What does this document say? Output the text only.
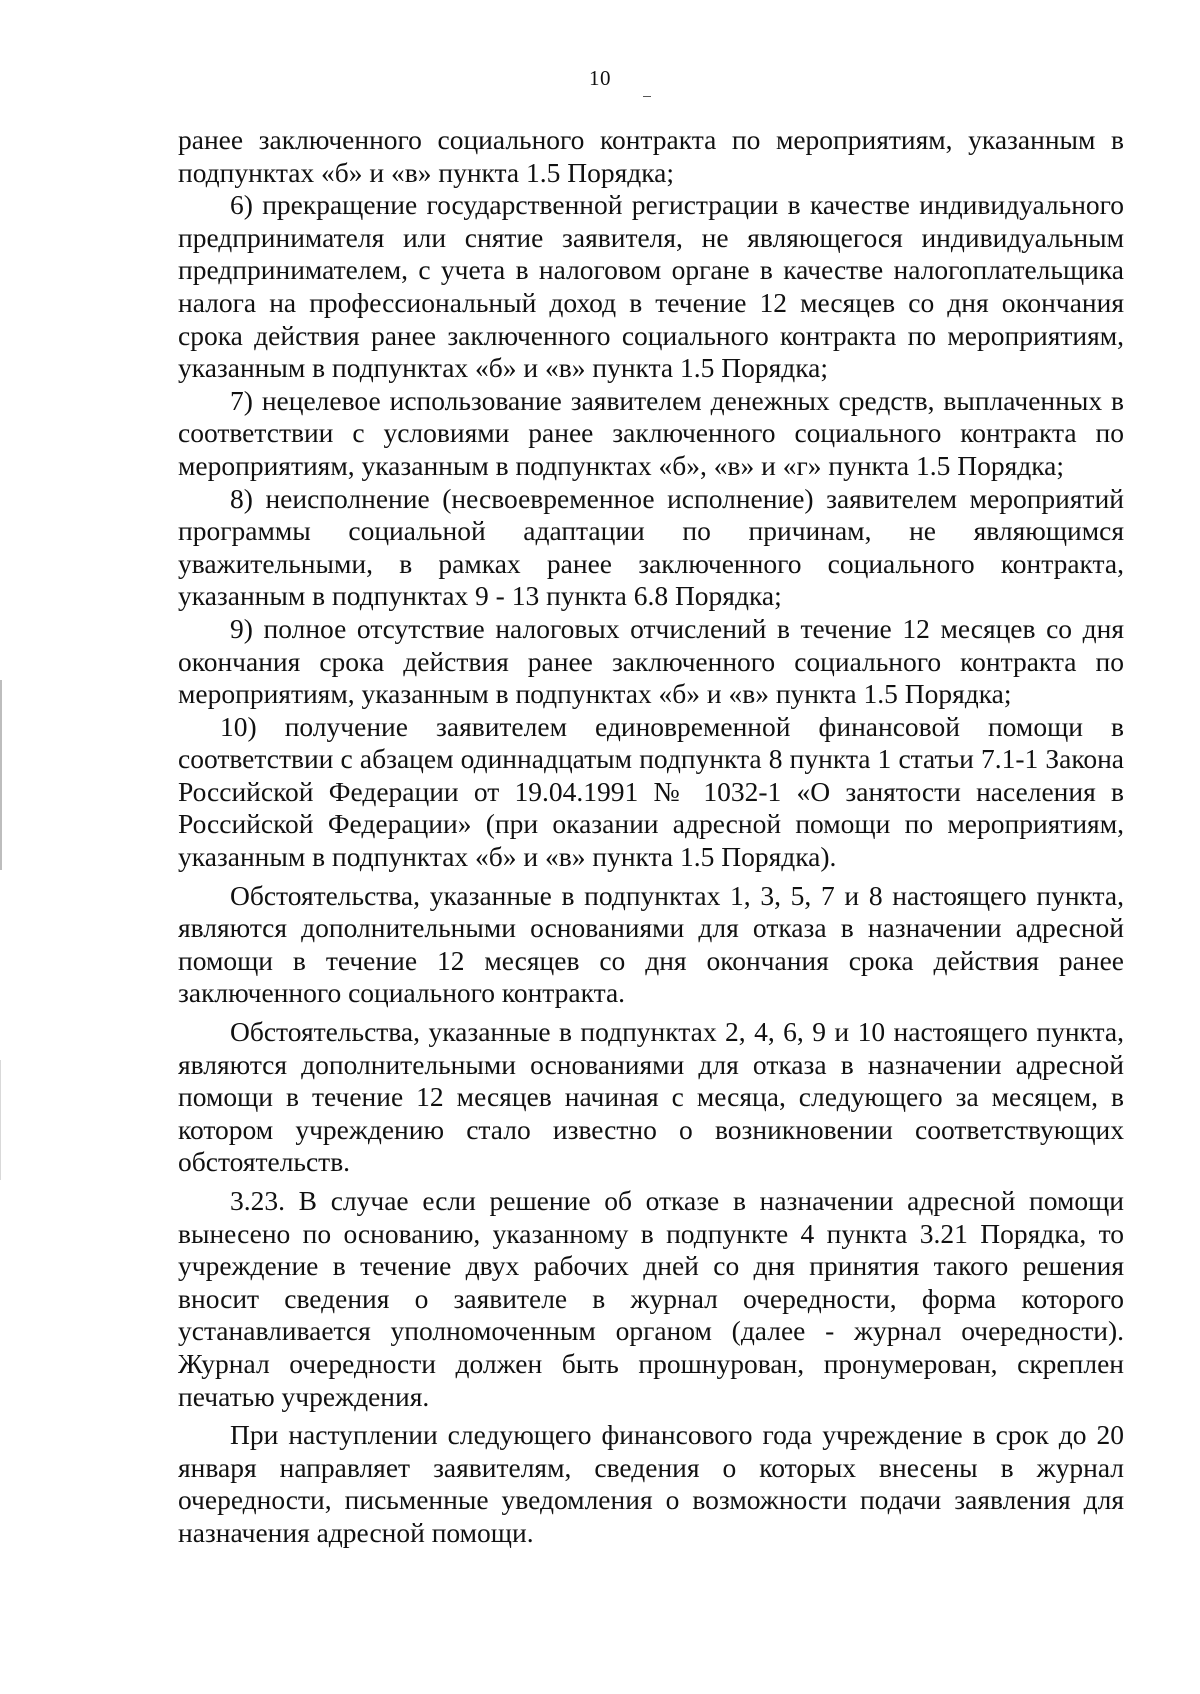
10

ранее заключенного социального контракта по мероприятиям, указанным в подпунктах «б» и «в» пункта 1.5 Порядка;

6) прекращение государственной регистрации в качестве индивидуального предпринимателя или снятие заявителя, не являющегося индивидуальным предпринимателем, с учета в налоговом органе в качестве налогоплательщика налога на профессиональный доход в течение 12 месяцев со дня окончания срока действия ранее заключенного социального контракта по мероприятиям, указанным в подпунктах «б» и «в» пункта 1.5 Порядка;

7) нецелевое использование заявителем денежных средств, выплаченных в соответствии с условиями ранее заключенного социального контракта по мероприятиям, указанным в подпунктах «б», «в» и «г» пункта 1.5 Порядка;

8) неисполнение (несвоевременное исполнение) заявителем мероприятий программы социальной адаптации по причинам, не являющимся уважительными, в рамках ранее заключенного социального контракта, указанным в подпунктах 9 - 13 пункта 6.8 Порядка;

9) полное отсутствие налоговых отчислений в течение 12 месяцев со дня окончания срока действия ранее заключенного социального контракта по мероприятиям, указанным в подпунктах «б» и «в» пункта 1.5 Порядка;

10) получение заявителем единовременной финансовой помощи в соответствии с абзацем одиннадцатым подпункта 8 пункта 1 статьи 7.1-1 Закона Российской Федерации от 19.04.1991 № 1032-1 «О занятости населения в Российской Федерации» (при оказании адресной помощи по мероприятиям, указанным в подпунктах «б» и «в» пункта 1.5 Порядка).

Обстоятельства, указанные в подпунктах 1, 3, 5, 7 и 8 настоящего пункта, являются дополнительными основаниями для отказа в назначении адресной помощи в течение 12 месяцев со дня окончания срока действия ранее заключенного социального контракта.

Обстоятельства, указанные в подпунктах 2, 4, 6, 9 и 10 настоящего пункта, являются дополнительными основаниями для отказа в назначении адресной помощи в течение 12 месяцев начиная с месяца, следующего за месяцем, в котором учреждению стало известно о возникновении соответствующих обстоятельств.

3.23. В случае если решение об отказе в назначении адресной помощи вынесено по основанию, указанному в подпункте 4 пункта 3.21 Порядка, то учреждение в течение двух рабочих дней со дня принятия такого решения вносит сведения о заявителе в журнал очередности, форма которого устанавливается уполномоченным органом (далее - журнал очередности). Журнал очередности должен быть прошнурован, пронумерован, скреплен печатью учреждения.

При наступлении следующего финансового года учреждение в срок до 20 января направляет заявителям, сведения о которых внесены в журнал очередности, письменные уведомления о возможности подачи заявления для назначения адресной помощи.
